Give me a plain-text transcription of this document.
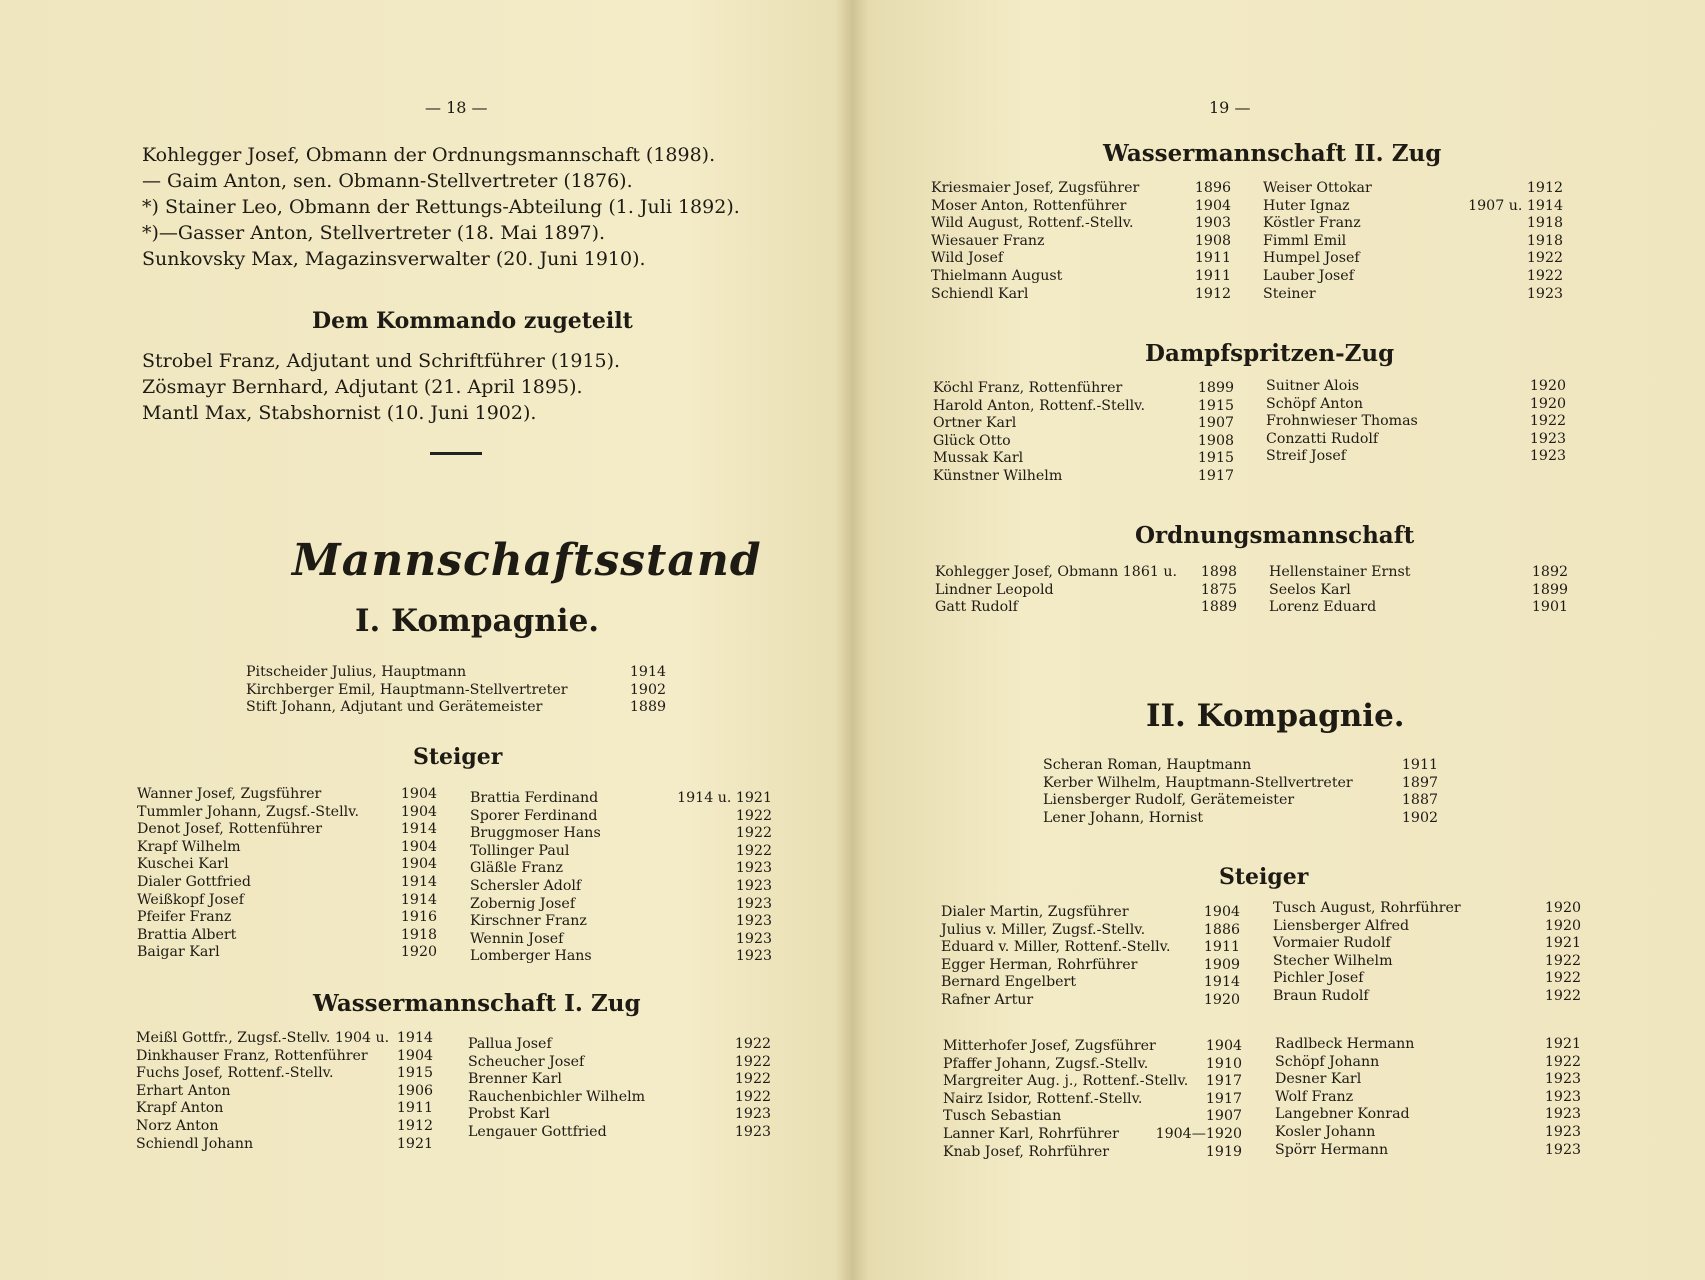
— 18 —
Kohlegger Josef, Obmann der Ordnungsmannschaft (1898).
— Gaim Anton, sen. Obmann-Stellvertreter (1876).
*) Stainer Leo, Obmann der Rettungs-Abteilung (1. Juli 1892).
*)—Gasser Anton, Stellvertreter (18. Mai 1897).
Sunkovsky Max, Magazinsverwalter (20. Juni 1910).
Dem Kommando zugeteilt
Strobel Franz, Adjutant und Schriftführer (1915).
Zösmayr Bernhard, Adjutant (21. April 1895).
Mantl Max, Stabshornist (10. Juni 1902).
Mannschaftsstand
I. Kompagnie.
Pitscheider Julius, Hauptmann	1914
Kirchberger Emil, Hauptmann-Stellvertreter	1902
Stift Johann, Adjutant und Gerätemeister	1889
Steiger
Wanner Josef, Zugsführer	1904
Tummler Johann, Zugsf.-Stellv.	1904
Denot Josef, Rottenführer	1914
Krapf Wilhelm	1904
Kuschei Karl	1904
Dialer Gottfried	1914
Weißkopf Josef	1914
Pfeifer Franz	1916
Brattia Albert	1918
Baigar Karl	1920
Brattia Ferdinand	1914 u. 1921
Sporer Ferdinand	1922
Bruggmoser Hans	1922
Tollinger Paul	1922
Gläßle Franz	1923
Schersler Adolf	1923
Zobernig Josef	1923
Kirschner Franz	1923
Wennin Josef	1923
Lomberger Hans	1923
Wassermannschaft I. Zug
Meißl Gottfr., Zugsf.-Stellv. 1904 u. 1914
Dinkhauser Franz, Rottenführer 1904
Fuchs Josef, Rottenf.-Stellv.	1915
Erhart Anton	1906
Krapf Anton	1911
Norz Anton	1912
Schiendl Johann	1921
Pallua Josef	1922
Scheucher Josef	1922
Brenner Karl	1922
Rauchenbichler Wilhelm	1922
Probst Karl	1923
Lengauer Gottfried	1923
19 —
Wassermannschaft II. Zug
Kriesmaier Josef, Zugsführer	1896
Moser Anton, Rottenführer	1904
Wild August, Rottenf.-Stellv.	1903
Wiesauer Franz	1908
Wild Josef	1911
Thielmann August	1911
Schiendl Karl	1912
Weiser Ottokar	1912
Huter Ignaz	1907 u. 1914
Köstler Franz	1918
Fimml Emil	1918
Humpel Josef	1922
Lauber Josef	1922
Steiner	1923
Dampfspritzen-Zug
Köchl Franz, Rottenführer	1899
Harold Anton, Rottenf.-Stellv.	1915
Ortner Karl	1907
Glück Otto	1908
Mussak Karl	1915
Künstner Wilhelm	1917
Suitner Alois	1920
Schöpf Anton	1920
Frohnwieser Thomas	1922
Conzatti Rudolf	1923
Streif Josef	1923
Ordnungsmannschaft
Kohlegger Josef, Obmann 1861 u. 1898
Lindner Leopold	1875
Gatt Rudolf	1889
Hellenstainer Ernst	1892
Seelos Karl	1899
Lorenz Eduard	1901
II. Kompagnie.
Scheran Roman, Hauptmann	1911
Kerber Wilhelm, Hauptmann-Stellvertreter	1897
Liensberger Rudolf, Gerätemeister	1887
Lener Johann, Hornist	1902
Steiger
Dialer Martin, Zugsführer	1904
Julius v. Miller, Zugsf.-Stellv.	1886
Eduard v. Miller, Rottenf.-Stellv. 1911
Egger Herman, Rohrführer	1909
Bernard Engelbert	1914
Rafner Artur	1920
Tusch August, Rohrführer	1920
Liensberger Alfred	1920
Vormaier Rudolf	1921
Stecher Wilhelm	1922
Pichler Josef	1922
Braun Rudolf	1922
Mitterhofer Josef, Zugsführer	1904
Pfaffer Johann, Zugsf.-Stellv.	1910
Margreiter Aug. j., Rottenf.-Stellv. 1917
Nairz Isidor, Rottenf.-Stellv.	1917
Tusch Sebastian	1907
Lanner Karl, Rohrführer	1904—1920
Knab Josef, Rohrführer	1919
Radlbeck Hermann	1921
Schöpf Johann	1922
Desner Karl	1923
Wolf Franz	1923
Langebner Konrad	1923
Kosler Johann	1923
Spörr Hermann	1923
